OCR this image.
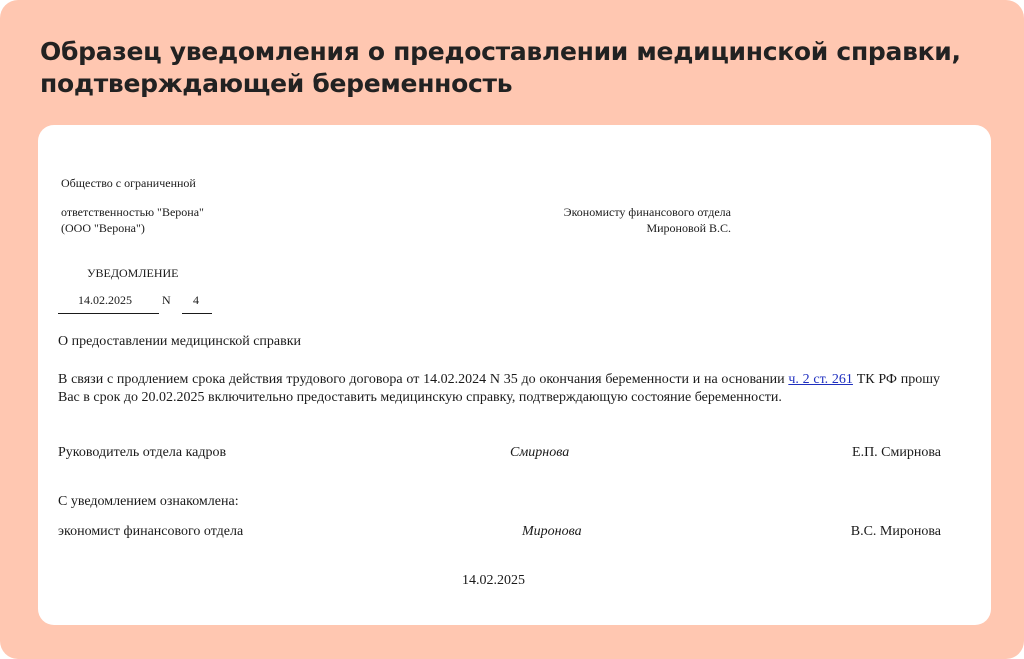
Образец уведомления о предоставлении медицинской справки,
подтверждающей беременность
Общество с ограниченной
ответственностью "Верона"
(ООО "Верона")
Экономисту финансового отдела
Мироновой В.С.
УВЕДОМЛЕНИЕ
14.02.2025	N 4
О предоставлении медицинской справки
В связи с продлением срока действия трудового договора от 14.02.2024 N 35 до окончания беременности и на основании ч. 2 ст. 261 ТК РФ прошу Вас в срок до 20.02.2025 включительно предоставить медицинскую справку, подтверждающую состояние беременности.
Руководитель отдела кадров	Смирнова	Е.П. Смирнова
С уведомлением ознакомлена:
экономист финансового отдела	Миронова	В.С. Миронова
14.02.2025
